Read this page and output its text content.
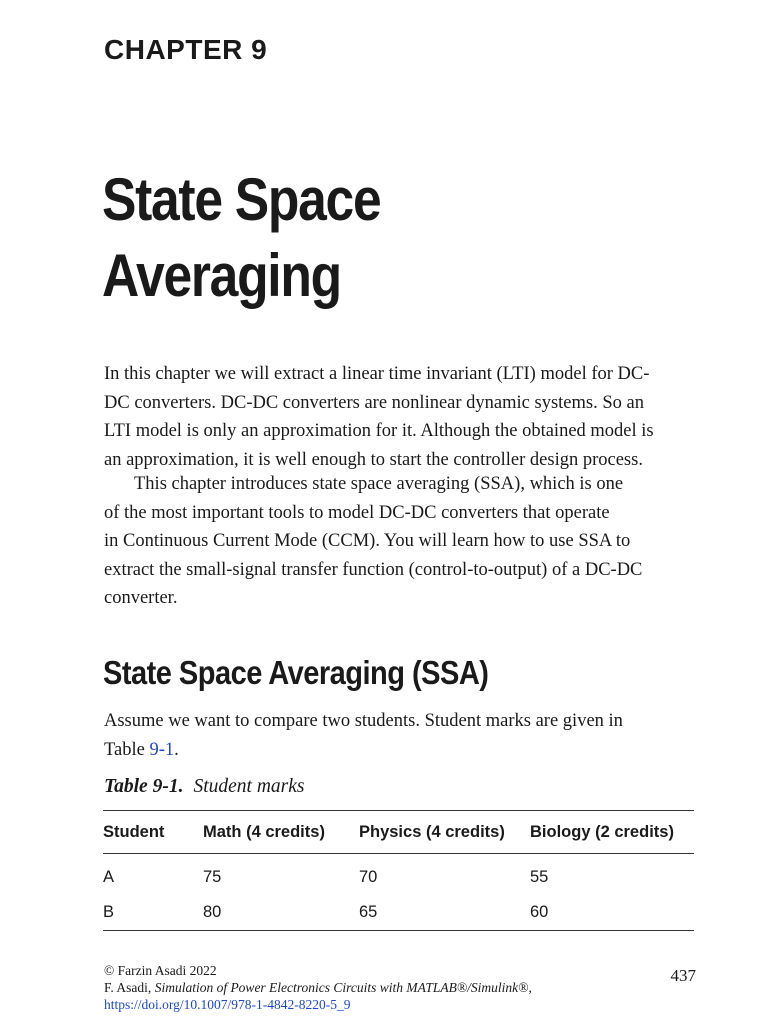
CHAPTER 9
State Space
Averaging
In this chapter we will extract a linear time invariant (LTI) model for DC-
DC converters. DC-DC converters are nonlinear dynamic systems. So an
LTI model is only an approximation for it. Although the obtained model is
an approximation, it is well enough to start the controller design process.
This chapter introduces state space averaging (SSA), which is one
of the most important tools to model DC-DC converters that operate
in Continuous Current Mode (CCM). You will learn how to use SSA to
extract the small-signal transfer function (control-to-output) of a DC-DC
converter.
State Space Averaging (SSA)
Assume we want to compare two students. Student marks are given in
Table 9-1.
Table 9-1. Student marks
Student	Math (4 credits)	Physics (4 credits)	Biology (2 credits)
A	75	70	55
B	80	65	60
© Farzin Asadi 2022
F. Asadi, Simulation of Power Electronics Circuits with MATLAB®/Simulink®,
https://doi.org/10.1007/978-1-4842-8220-5_9
437
